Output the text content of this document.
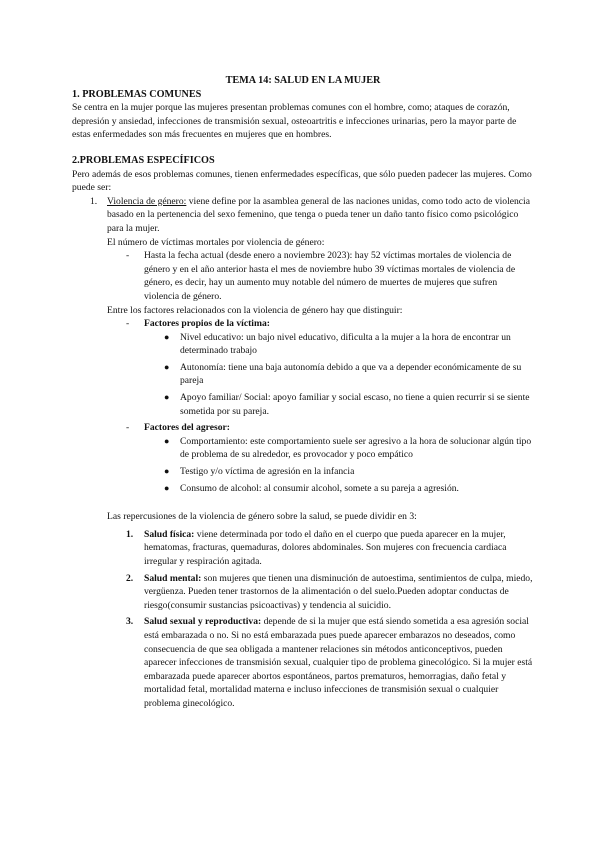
TEMA 14: SALUD EN LA MUJER

1. PROBLEMAS COMUNES

Se centra en la mujer porque las mujeres presentan problemas comunes con el hombre, como; ataques de corazón, depresión y ansiedad, infecciones de transmisión sexual, osteoartritis e infecciones urinarias, pero la mayor parte de estas enfermedades son más frecuentes en mujeres que en hombres.

2.PROBLEMAS ESPECÍFICOS

Pero además de esos problemas comunes, tienen enfermedades específicas, que sólo pueden padecer las mujeres. Como puede ser:

1. Violencia de género: viene define por la asamblea general de las naciones unidas, como todo acto de violencia basado en la pertenencia del sexo femenino, que tenga o pueda tener un daño tanto físico como psicológico para la mujer.

El número de víctimas mortales por violencia de género:

- Hasta la fecha actual (desde enero a noviembre 2023): hay 52 víctimas mortales de violencia de género y en el año anterior hasta el mes de noviembre hubo 39 víctimas mortales de violencia de género, es decir, hay un aumento muy notable del número de muertes de mujeres que sufren violencia de género.

Entre los factores relacionados con la violencia de género hay que distinguir:

- Factores propios de la víctima:
● Nivel educativo: un bajo nivel educativo, dificulta a la mujer a la hora de encontrar un determinado trabajo
● Autonomía: tiene una baja autonomía debido a que va a depender económicamente de su pareja
● Apoyo familiar/ Social: apoyo familiar y social escaso, no tiene a quien recurrir si se siente sometida por su pareja.
- Factores del agresor:
● Comportamiento: este comportamiento suele ser agresivo a la hora de solucionar algún tipo de problema de su alrededor, es provocador y poco empático
● Testigo y/o víctima de agresión en la infancia
● Consumo de alcohol: al consumir alcohol, somete a su pareja a agresión.

Las repercusiones de la violencia de género sobre la salud, se puede dividir en 3:

1. Salud física: viene determinada por todo el daño en el cuerpo que pueda aparecer en la mujer, hematomas, fracturas, quemaduras, dolores abdominales. Son mujeres con frecuencia cardiaca irregular y respiración agitada.
2. Salud mental: son mujeres que tienen una disminución de autoestima, sentimientos de culpa, miedo, vergüenza. Pueden tener trastornos de la alimentación o del suelo.Pueden adoptar conductas de riesgo(consumir sustancias psicoactivas) y tendencia al suicidio.
3. Salud sexual y reproductiva: depende de si la mujer que está siendo sometida a esa agresión social está embarazada o no. Si no está embarazada pues puede aparecer embarazos no deseados, como consecuencia de que sea obligada a mantener relaciones sin métodos anticonceptivos, pueden aparecer infecciones de transmisión sexual, cualquier tipo de problema ginecológico. Si la mujer está embarazada puede aparecer abortos espontáneos, partos prematuros, hemorragias, daño fetal y mortalidad fetal, mortalidad materna e incluso infecciones de transmisión sexual o cualquier problema ginecológico.
